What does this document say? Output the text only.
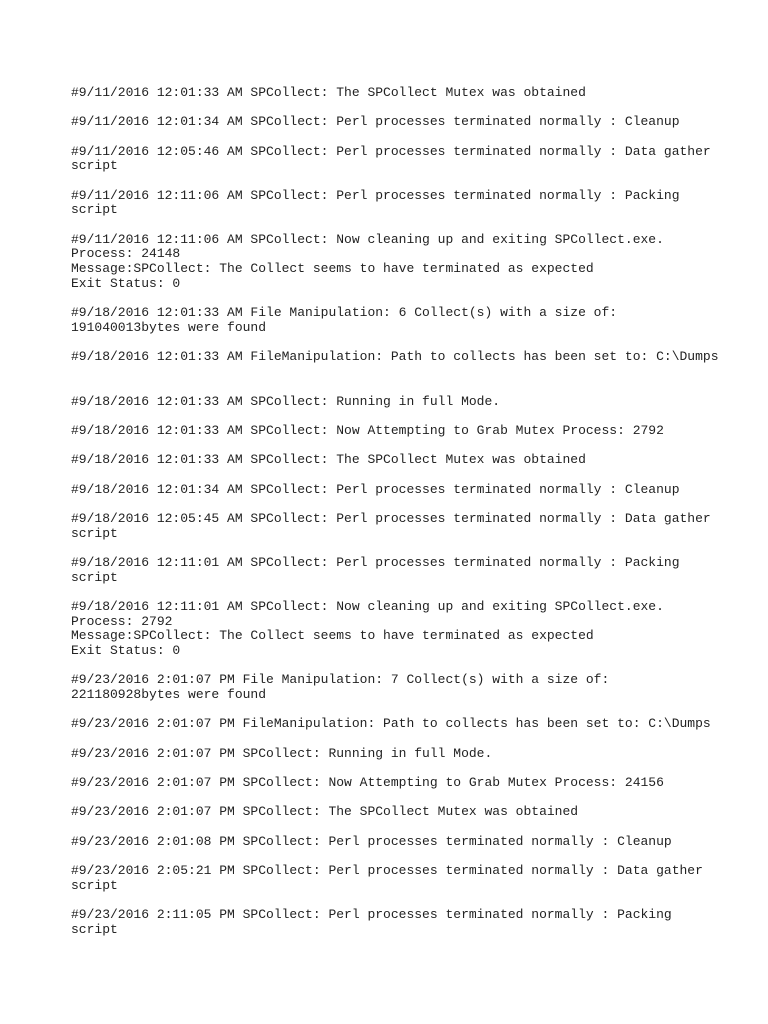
#9/11/2016 12:01:33 AM SPCollect: The SPCollect Mutex was obtained
#9/11/2016 12:01:34 AM SPCollect: Perl processes terminated normally : Cleanup
#9/11/2016 12:05:46 AM SPCollect: Perl processes terminated normally : Data gather
script
#9/11/2016 12:11:06 AM SPCollect: Perl processes terminated normally : Packing
script
#9/11/2016 12:11:06 AM SPCollect: Now cleaning up and exiting SPCollect.exe.
Process: 24148
Message:SPCollect: The Collect seems to have terminated as expected
Exit Status: 0
#9/18/2016 12:01:33 AM File Manipulation: 6 Collect(s) with a size of:
191040013bytes were found
#9/18/2016 12:01:33 AM FileManipulation: Path to collects has been set to: C:\Dumps
#9/18/2016 12:01:33 AM SPCollect: Running in full Mode.
#9/18/2016 12:01:33 AM SPCollect: Now Attempting to Grab Mutex Process: 2792
#9/18/2016 12:01:33 AM SPCollect: The SPCollect Mutex was obtained
#9/18/2016 12:01:34 AM SPCollect: Perl processes terminated normally : Cleanup
#9/18/2016 12:05:45 AM SPCollect: Perl processes terminated normally : Data gather
script
#9/18/2016 12:11:01 AM SPCollect: Perl processes terminated normally : Packing
script
#9/18/2016 12:11:01 AM SPCollect: Now cleaning up and exiting SPCollect.exe.
Process: 2792
Message:SPCollect: The Collect seems to have terminated as expected
Exit Status: 0
#9/23/2016 2:01:07 PM File Manipulation: 7 Collect(s) with a size of:
221180928bytes were found
#9/23/2016 2:01:07 PM FileManipulation: Path to collects has been set to: C:\Dumps
#9/23/2016 2:01:07 PM SPCollect: Running in full Mode.
#9/23/2016 2:01:07 PM SPCollect: Now Attempting to Grab Mutex Process: 24156
#9/23/2016 2:01:07 PM SPCollect: The SPCollect Mutex was obtained
#9/23/2016 2:01:08 PM SPCollect: Perl processes terminated normally : Cleanup
#9/23/2016 2:05:21 PM SPCollect: Perl processes terminated normally : Data gather
script
#9/23/2016 2:11:05 PM SPCollect: Perl processes terminated normally : Packing
script
